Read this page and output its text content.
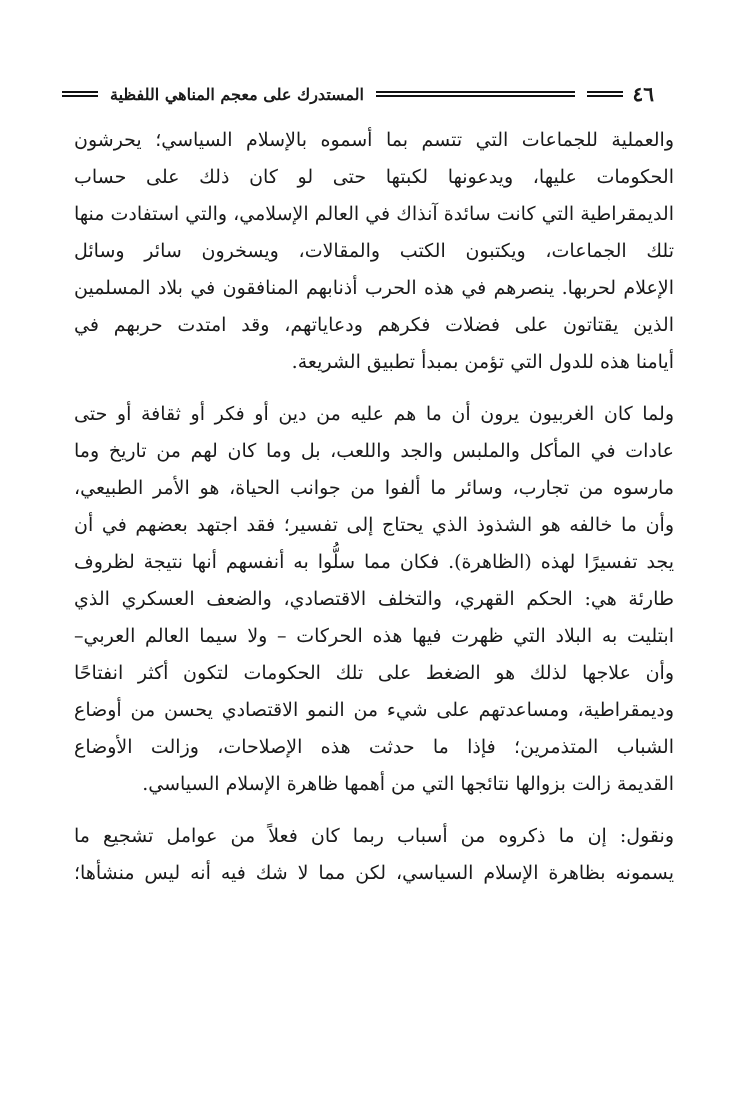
٤٦
المستدرك على معجم المناهي اللفظية

والعملية للجماعات التي تتسم بما أسموه بالإسلام السياسي؛ يحرشون
الحكومات عليها، ويدعونها لكبتها حتى لو كان ذلك على حساب
الديمقراطية التي كانت سائدة آنذاك في العالم الإسلامي، والتي استفادت منها
تلك الجماعات، ويكتبون الكتب والمقالات، ويسخرون سائر وسائل
الإعلام لحربها. ينصرهم في هذه الحرب أذنابهم المنافقون في بلاد المسلمين
الذين يقتاتون على فضلات فكرهم ودعاياتهم، وقد امتدت حربهم في
أيامنا هذه للدول التي تؤمن بمبدأ تطبيق الشريعة.

ولما كان الغربيون يرون أن ما هم عليه من دين أو فكر أو ثقافة أو حتى
عادات في المأكل والملبس والجد واللعب، بل وما كان لهم من تاريخ وما
مارسوه من تجارب، وسائر ما ألفوا من جوانب الحياة، هو الأمر الطبيعي،
وأن ما خالفه هو الشذوذ الذي يحتاج إلى تفسير؛ فقد اجتهد بعضهم في أن
يجد تفسيرًا لهذه (الظاهرة). فكان مما سلُّوا به أنفسهم أنها نتيجة لظروف
طارئة هي: الحكم القهري، والتخلف الاقتصادي، والضعف العسكري الذي
ابتليت به البلاد التي ظهرت فيها هذه الحركات – ولا سيما العالم العربي–
وأن علاجها لذلك هو الضغط على تلك الحكومات لتكون أكثر انفتاحًا
وديمقراطية، ومساعدتهم على شيء من النمو الاقتصادي يحسن من أوضاع
الشباب المتذمرين؛ فإذا ما حدثت هذه الإصلاحات، وزالت الأوضاع
القديمة زالت بزوالها نتائجها التي من أهمها ظاهرة الإسلام السياسي.

ونقول: إن ما ذكروه من أسباب ربما كان فعلاً من عوامل تشجيع ما
يسمونه بظاهرة الإسلام السياسي، لكن مما لا شك فيه أنه ليس منشأها؛
